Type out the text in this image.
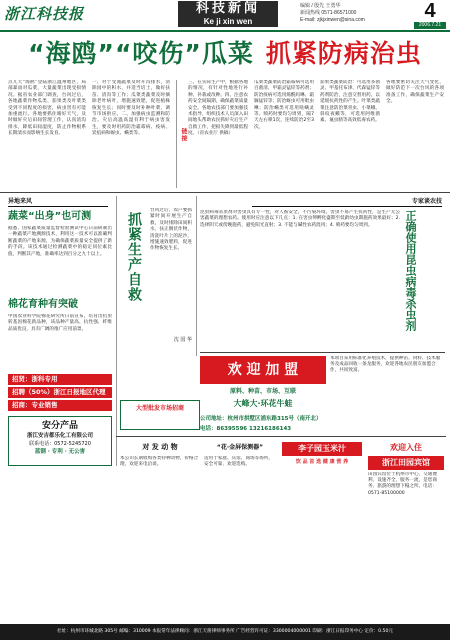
浙江科技报	科技新闻
Ke ji xin wen
编辑 / 殷先 王勇华
新闻热线 0571-86571000
E-mail: zjkjxinwen@sina.com	4
2006.7.21
“海鸥”“咬伤”瓜菜 抓紧防病治虫
点儿天“海鸥”登陆浙江温州地区，局部暴雨对瓜菜，大量蔬菜出现受损情况。据省农业部门调查，台风过后，各地蔬菜作物瓜类、茄果类及叶菜类受到不同程度的损害，病虫害有可能加重流行。各地要抓住晴好天气，及时做好灾后田间管理工作，认真清沟排水，降低田间湿度，防止作物根系长期渍水而影响生长发育。
一、对于受淹蔬菜及时开沟排水，清除园中的积水，并适当培土，做好扶苗、清沟等工作；瓜菜类蔬菜及时摘除老叶病叶，增施速效肥，促进植株恢复生长；同时要及时补种叶菜，调节市场供应。二、加强病虫监测和防治。灾后高温高湿有利于病虫害发生，要及时用药防治霜霉病、疫病、炭疽病和蚜虫、螨类等。	链接
三、在实际生产中，根据各地的情况，有针对性地进行补种、补栽或改种。四、注意农药安全间隔期，确保蔬菜质量安全。各地农技部门要加强技术指导，组织技术人员深入田间地头帮助农民抓好灾后生产自救工作，把损失降到最低程度。（省农业厅 供稿）
瓜菜类蔬菜防治霜霉病可选用百菌清、甲霜灵锰锌等药剂；防治疫病可选用烯酰吗啉、霜脲锰锌等；防治蚜虫可用吡虫啉；防治螨类可选用哒螨灵等。喷药时要均匀周到，隔7天左右喷1次，连续防治2至3次。
茄果类蔬菜防治：可选用多菌灵、甲基托布津、代森锰锌等药剂防治，注意交替用药，以延缓抗药性的产生。叶菜类蔬菜注意防治菜青虫、小菜蛾、斜纹夜蛾等，可选用阿维菌素、氟虫腈等高效低毒农药。
各地要密切关注天气变化，做好防范下一次台风的各项准备工作，确保蔬菜生产安全。
异地来风
蔬菜“出身”也可测
据悉，国家蔬菜质量监督检验测试中心日前研制出一种蔬菜产地溯源技术，利用这一技术可以准确判断蔬菜的产地来源，为确保蔬菜质量安全提供了新的手段。该技术通过检测蔬菜中的稳定同位素比值，判断其产地，准确率达到百分之九十以上。
棉花育种有突破
中国农业科学院棉花研究所日前宣布，培育出抗虫转基因棉花新品种，该品种产量高、抗性强、纤维品质优良，具有广阔的推广应用前景。
招贤：浙科专用
招聘（50%）浙江日报地区代理
招商：专业销售
安分产品
浙江安吉都乐化工有限公司
联系电话：0572-5245720
蓝钢 · 专利 · 无公害
抓紧生产自救
台风过后，农户要抓紧时间开展生产自救，及时排除田间积水，扶正倒伏作物，清洗叶片上的泥沙，增施速效肥料，促进作物恢复生长。
沈 国 华
专家谈农技
昆虫病毒杀虫剂对害虫具有专一性，对人畜安全，不污染环境，害虫不易产生抗药性，是生产无公害蔬菜的理想农药。使用时应注意以下几点：1. 在害虫卵孵化盛期至低龄幼虫期施药效果最好；2. 选择阴天或傍晚施药，避免阳光直射；3. 不能与碱性农药混用；4. 喷药要均匀周到。	正确使用昆虫病毒杀虫剂
大型批发市场招商
欢 迎 加 盟
原料、种苗、市场、互联
大峰大·环花牛蛙
本项目采用标准化养殖技术，提供种苗、饲料、技术服务及成品回收一条龙服务，欢迎各地农民朋友加盟合作，共同致富。
公司地址：杭州市拱墅区浦东路315号（南开北）
电话：86395596 13216186143
对 发 动 物
本公司长期收购各类特种动物，价格合理，欢迎来电洽谈。
“花·金屏保测器”
适用于家庭、宾馆、商场等场所，安全可靠，欢迎选购。
李子园玉米汁
饮 品 首 选 健 康 营 养
欢迎入住
浙江田园宾馆
田园宾馆位于杭州市中心，交通便利，设施齐全，服务一流，是您商务、旅游的理想下榻之所。电话：0571-85100000
社址：杭州市环城北路 305号 邮编：310009 本报常年法律顾问：浙江天册律师事务所 广告经营许可证：3300004000001 印刷：浙江日报印务中心 定价：0.50元
